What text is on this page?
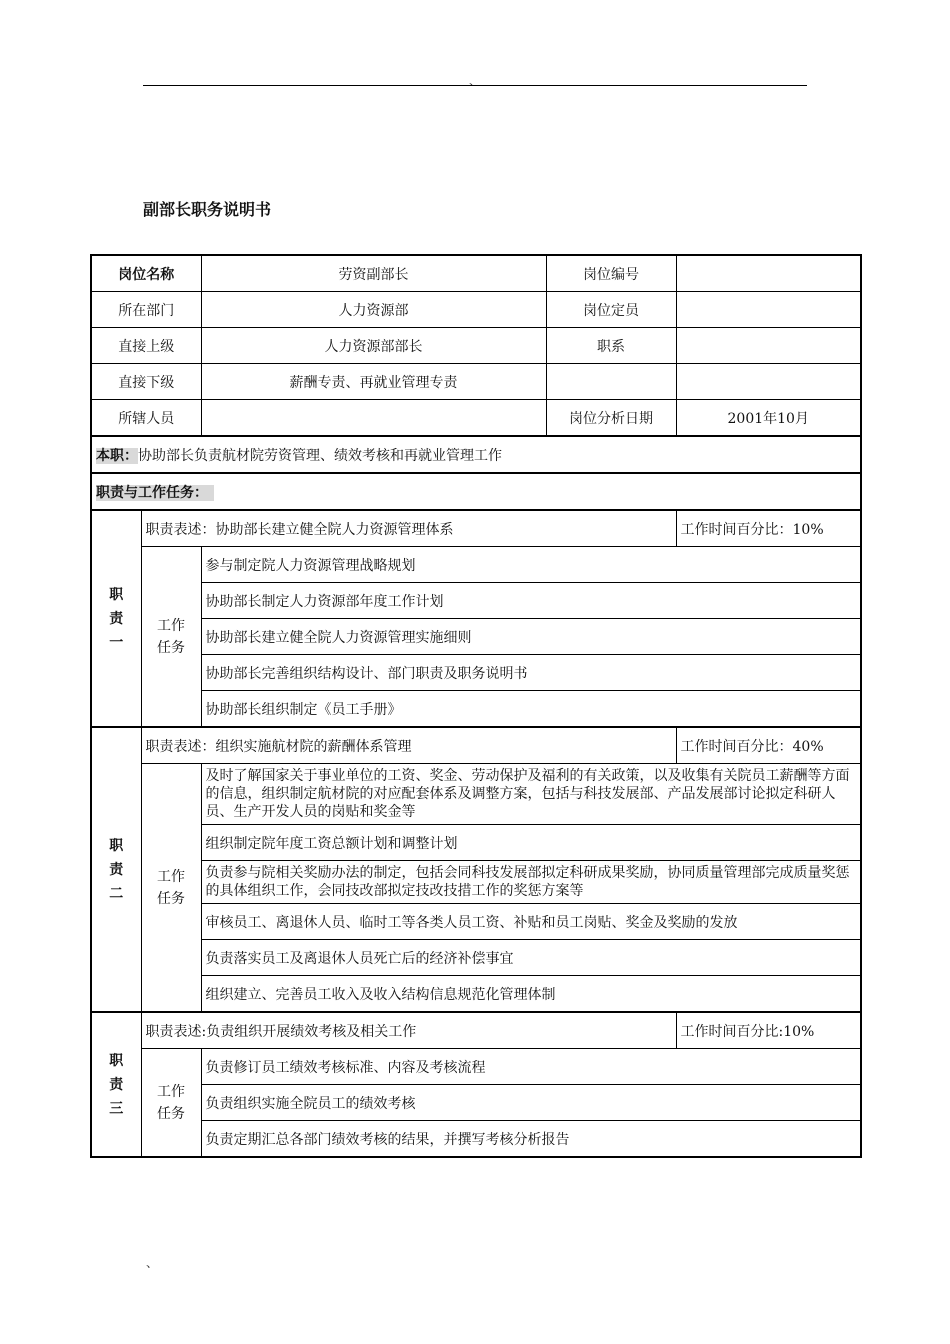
、
副部长职务说明书
岗位名称		劳资副部长	岗位编号	
所在部门		人力资源部	岗位定员	
直接上级		人力资源部部长	职系	
直接下级		薪酬专责、再就业管理专责		
所辖人员			岗位分析日期	2001年10月
本职：协助部长负责航材院劳资管理、绩效考核和再就业管理工作				
职责与工作任务：				

职
责
一	职责表述：协助部长建立健全院人力资源管理体系			工作时间百分比：10%

	工作
任务	参与制定院人力资源管理战略规划		
		协助部长制定人力资源部年度工作计划		
		协助部长建立健全院人力资源管理实施细则		
		协助部长完善组织结构设计、部门职责及职务说明书		
		协助部长组织制定《员工手册》		

职
责
二	职责表述：组织实施航材院的薪酬体系管理			工作时间百分比：40%

	工作
任务	及时了解国家关于事业单位的工资、奖金、劳动保护及福利的有关政策，以及收集有关院员工薪酬等方面的信息，组织制定航材院的对应配套体系及调整方案，包括与科技发展部、产品发展部讨论拟定科研人员、生产开发人员的岗贴和奖金等		
		组织制定院年度工资总额计划和调整计划		
		负责参与院相关奖励办法的制定，包括会同科技发展部拟定科研成果奖励，协同质量管理部完成质量奖惩的具体组织工作，会同技改部拟定技改技措工作的奖惩方案等		
		审核员工、离退休人员、临时工等各类人员工资、补贴和员工岗贴、奖金及奖励的发放		
		负责落实员工及离退休人员死亡后的经济补偿事宜		
		组织建立、完善员工收入及收入结构信息规范化管理体制		

职
责
三	职责表述:负责组织开展绩效考核及相关工作			工作时间百分比:10%

	工作
任务	负责修订员工绩效考核标准、内容及考核流程		
		负责组织实施全院员工的绩效考核		
		负责定期汇总各部门绩效考核的结果，并撰写考核分析报告		
、
